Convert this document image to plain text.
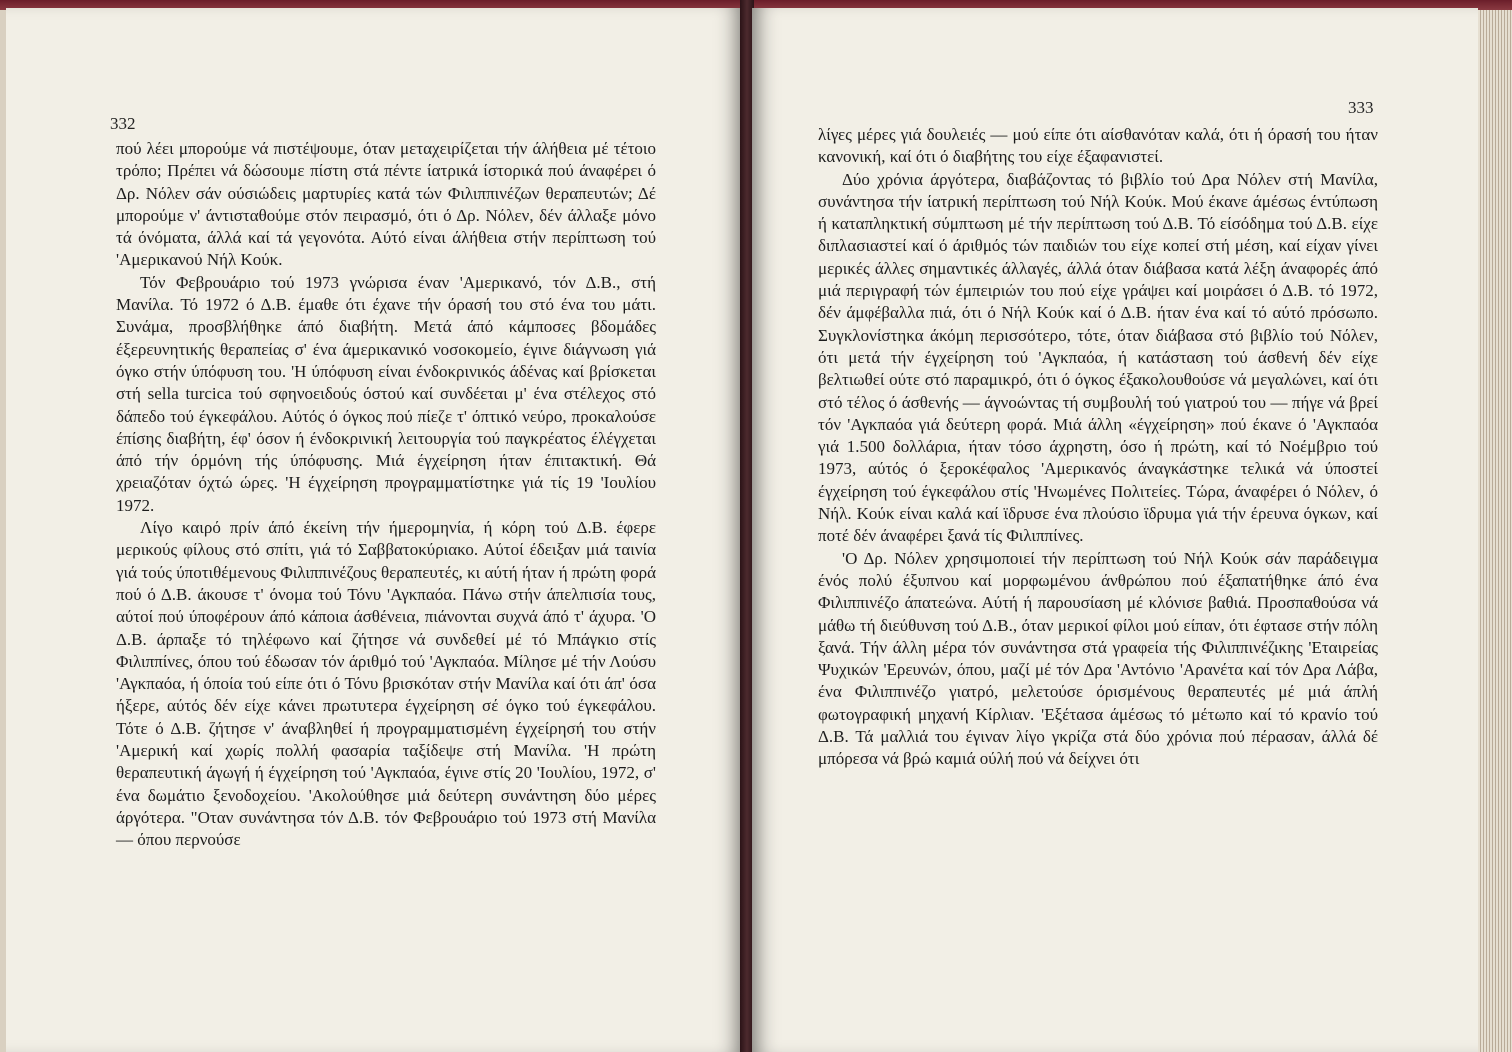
332

πού λέει μπορούμε νά πιστέψουμε, όταν μεταχειρίζεται τήν άλήθεια μέ τέτοιο τρόπο; Πρέπει νά δώσουμε πίστη στά πέντε ίατρικά ίστορικά πού άναφέρει ό Δρ. Νόλεν σάν ούσιώδεις μαρτυρίες κατά τών Φιλιππινέζων θεραπευτών; Δέ μπορούμε ν' άντισταθούμε στόν πειρασμό, ότι ό Δρ. Νόλεν, δέν άλλαξε μόνο τά όνόματα, άλλά καί τά γεγονότα. Αύτό είναι άλήθεια στήν περίπτωση τού 'Αμερικανού Νήλ Κούκ.

Τόν Φεβρουάριο τού 1973 γνώρισα έναν 'Αμερικανό, τόν Δ.Β., στή Μανίλα. Τό 1972 ό Δ.Β. έμαθε ότι έχανε τήν όρασή του στό ένα του μάτι. Συνάμα, προσβλήθηκε άπό διαβήτη. Μετά άπό κάμποσες βδομάδες έξερευνητικής θεραπείας σ' ένα άμερικανικό νοσοκομείο, έγινε διάγνωση γιά όγκο στήν ύπόφυση του. 'Η ύπόφυση είναι ένδοκρινικός άδένας καί βρίσκεται στή sella turcica τού σφηνοειδούς όστού καί συνδέεται μ' ένα στέλεχος στό δάπεδο τού έγκεφάλου. Αύτός ό όγκος πού πίεζε τ' όπτικό νεύρο, προκαλούσε έπίσης διαβήτη, έφ' όσον ή ένδοκρινική λειτουργία τού παγκρέατος έλέγχεται άπό τήν όρμόνη τής ύπόφυσης. Μιά έγχείρηση ήταν έπιτακτική. Θά χρειαζόταν όχτώ ώρες. 'Η έγχείρηση προγραμματίστηκε γιά τίς 19 'Ιουλίου 1972.

Λίγο καιρό πρίν άπό έκείνη τήν ήμερομηνία, ή κόρη τού Δ.Β. έφερε μερικούς φίλους στό σπίτι, γιά τό Σαββατοκύριακο. Αύτοί έδειξαν μιά ταινία γιά τούς ύποτιθέμενους Φιλιππινέζους θεραπευτές, κι αύτή ήταν ή πρώτη φορά πού ό Δ.Β. άκουσε τ' όνομα τού Τόνυ 'Αγκπαόα. Πάνω στήν άπελπισία τους, αύτοί πού ύποφέρουν άπό κάποια άσθένεια, πιάνονται συχνά άπό τ' άχυρα. 'Ο Δ.Β. άρπαξε τό τηλέφωνο καί ζήτησε νά συνδεθεί μέ τό Μπάγκιο στίς Φιλιππίνες, όπου τού έδωσαν τόν άριθμό τού 'Αγκπαόα. Μίλησε μέ τήν Λούσυ 'Αγκπαόα, ή όποία τού είπε ότι ό Τόνυ βρισκόταν στήν Μανίλα καί ότι άπ' όσα ήξερε, αύτός δέν είχε κάνει πρωτυτερα έγχείρηση σέ όγκο τού έγκεφάλου. Τότε ό Δ.Β. ζήτησε ν' άναβληθεί ή προγραμματισμένη έγχείρησή του στήν 'Αμερική καί χωρίς πολλή φασαρία ταξίδεψε στή Μανίλα. 'Η πρώτη θεραπευτική άγωγή ή έγχείρηση τού 'Αγκπαόα, έγινε στίς 20 'Ιουλίου, 1972, σ' ένα δωμάτιο ξενοδοχείου. 'Ακολούθησε μιά δεύτερη συνάντηση δύο μέρες άργότερα. "Οταν συνάντησα τόν Δ.Β. τόν Φεβρουάριο τού 1973 στή Μανίλα — όπου περνούσε

333

λίγες μέρες γιά δουλειές — μού είπε ότι αίσθανόταν καλά, ότι ή όρασή του ήταν κανονική, καί ότι ό διαβήτης του είχε έξαφανιστεί.

Δύο χρόνια άργότερα, διαβάζοντας τό βιβλίο τού Δρα Νόλεν στή Μανίλα, συνάντησα τήν ίατρική περίπτωση τού Νήλ Κούκ. Μού έκανε άμέσως έντύπωση ή καταπληκτική σύμπτωση μέ τήν περίπτωση τού Δ.Β. Τό είσόδημα τού Δ.Β. είχε διπλασιαστεί καί ό άριθμός τών παιδιών του είχε κοπεί στή μέση, καί είχαν γίνει μερικές άλλες σημαντικές άλλαγές, άλλά όταν διάβασα κατά λέξη άναφορές άπό μιά περιγραφή τών έμπειριών του πού είχε γράψει καί μοιράσει ό Δ.Β. τό 1972, δέν άμφέβαλλα πιά, ότι ό Νήλ Κούκ καί ό Δ.Β. ήταν ένα καί τό αύτό πρόσωπο. Συγκλονίστηκα άκόμη περισσότερο, τότε, όταν διάβασα στό βιβλίο τού Νόλεν, ότι μετά τήν έγχείρηση τού 'Αγκπαόα, ή κατάσταση τού άσθενή δέν είχε βελτιωθεί ούτε στό παραμικρό, ότι ό όγκος έξακολουθούσε νά μεγαλώνει, καί ότι στό τέλος ό άσθενής — άγνοώντας τή συμβουλή τού γιατρού του — πήγε νά βρεί τόν 'Αγκπαόα γιά δεύτερη φορά. Μιά άλλη «έγχείρηση» πού έκανε ό 'Αγκπαόα γιά 1.500 δολλάρια, ήταν τόσο άχρηστη, όσο ή πρώτη, καί τό Νοέμβριο τού 1973, αύτός ό ξεροκέφαλος 'Αμερικανός άναγκάστηκε τελικά νά ύποστεί έγχείρηση τού έγκεφάλου στίς 'Ηνωμένες Πολιτείες. Τώρα, άναφέρει ό Νόλεν, ό Νήλ. Κούκ είναι καλά καί ϊδρυσε ένα πλούσιο ϊδρυμα γιά τήν έρευνα όγκων, καί ποτέ δέν άναφέρει ξανά τίς Φιλιππίνες.

'Ο Δρ. Νόλεν χρησιμοποιεί τήν περίπτωση τού Νήλ Κούκ σάν παράδειγμα ένός πολύ έξυπνου καί μορφωμένου άνθρώπου πού έξαπατήθηκε άπό ένα Φιλιππινέζο άπατεώνα. Αύτή ή παρουσίαση μέ κλόνισε βαθιά. Προσπαθούσα νά μάθω τή διεύθυνση τού Δ.Β., όταν μερικοί φίλοι μού είπαν, ότι έφτασε στήν πόλη ξανά. Τήν άλλη μέρα τόν συνάντησα στά γραφεία τής Φιλιππινέζικης 'Εταιρείας Ψυχικών 'Ερευνών, όπου, μαζί μέ τόν Δρα 'Αντόνιο 'Αρανέτα καί τόν Δρα Λάβα, ένα Φιλιππινέζο γιατρό, μελετούσε όρισμένους θεραπευτές μέ μιά άπλή φωτογραφική μηχανή Κίρλιαν. 'Εξέτασα άμέσως τό μέτωπο καί τό κρανίο τού Δ.Β. Τά μαλλιά του έγιναν λίγο γκρίζα στά δύο χρόνια πού πέρασαν, άλλά δέ μπόρεσα νά βρώ καμιά ούλή πού νά δείχνει ότι
